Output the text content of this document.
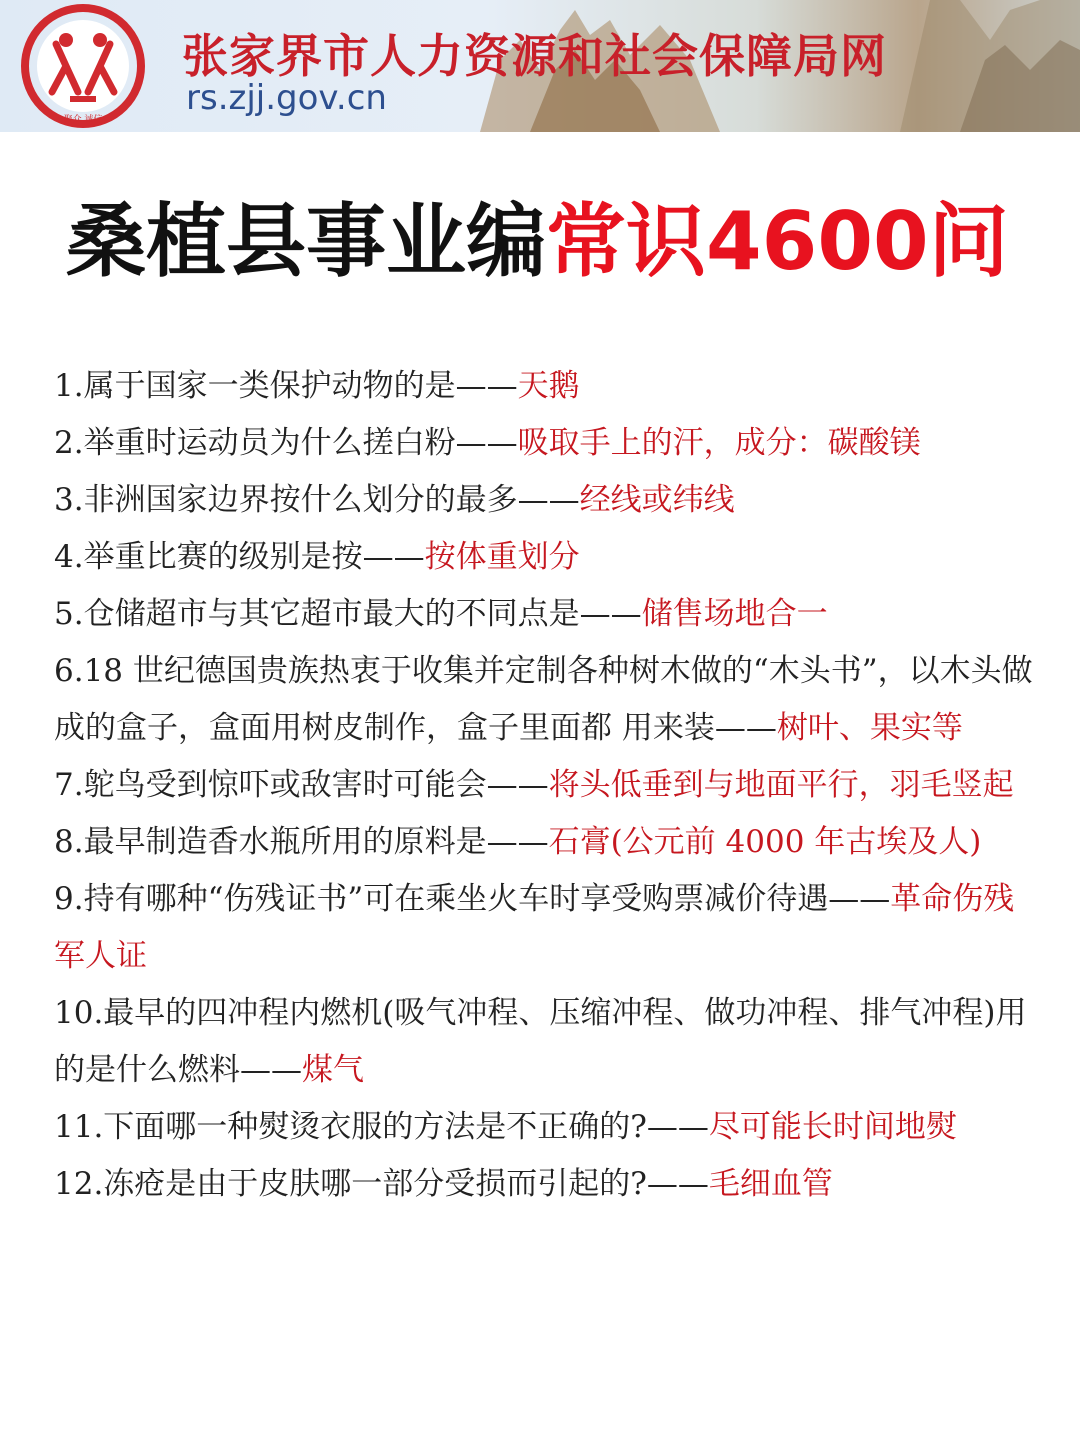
聚众 诚信
张家界市人力资源和社会保障局网
rs.zjj.gov.cn
桑植县事业编常识4600问

1.属于国家一类保护动物的是——天鹅

2.举重时运动员为什么搓白粉——吸取手上的汗，成分：碳酸镁

3.非洲国家边界按什么划分的最多——经线或纬线

4.举重比赛的级别是按——按体重划分

5.仓储超市与其它超市最大的不同点是——储售场地合一

6.18 世纪德国贵族热衷于收集并定制各种树木做的“木头书”，以木头做成的盒子，盒面用树皮制作，盒子里面都 用来装——树叶、果实等

7.鸵鸟受到惊吓或敌害时可能会——将头低垂到与地面平行，羽毛竖起

8.最早制造香水瓶所用的原料是——石膏(公元前 4000 年古埃及人)

9.持有哪种“伤残证书”可在乘坐火车时享受购票减价待遇——革命伤残军人证

10.最早的四冲程内燃机(吸气冲程、压缩冲程、做功冲程、排气冲程)用的是什么燃料——煤气

11.下面哪一种熨烫衣服的方法是不正确的?——尽可能长时间地熨

12.冻疮是由于皮肤哪一部分受损而引起的?——毛细血管
